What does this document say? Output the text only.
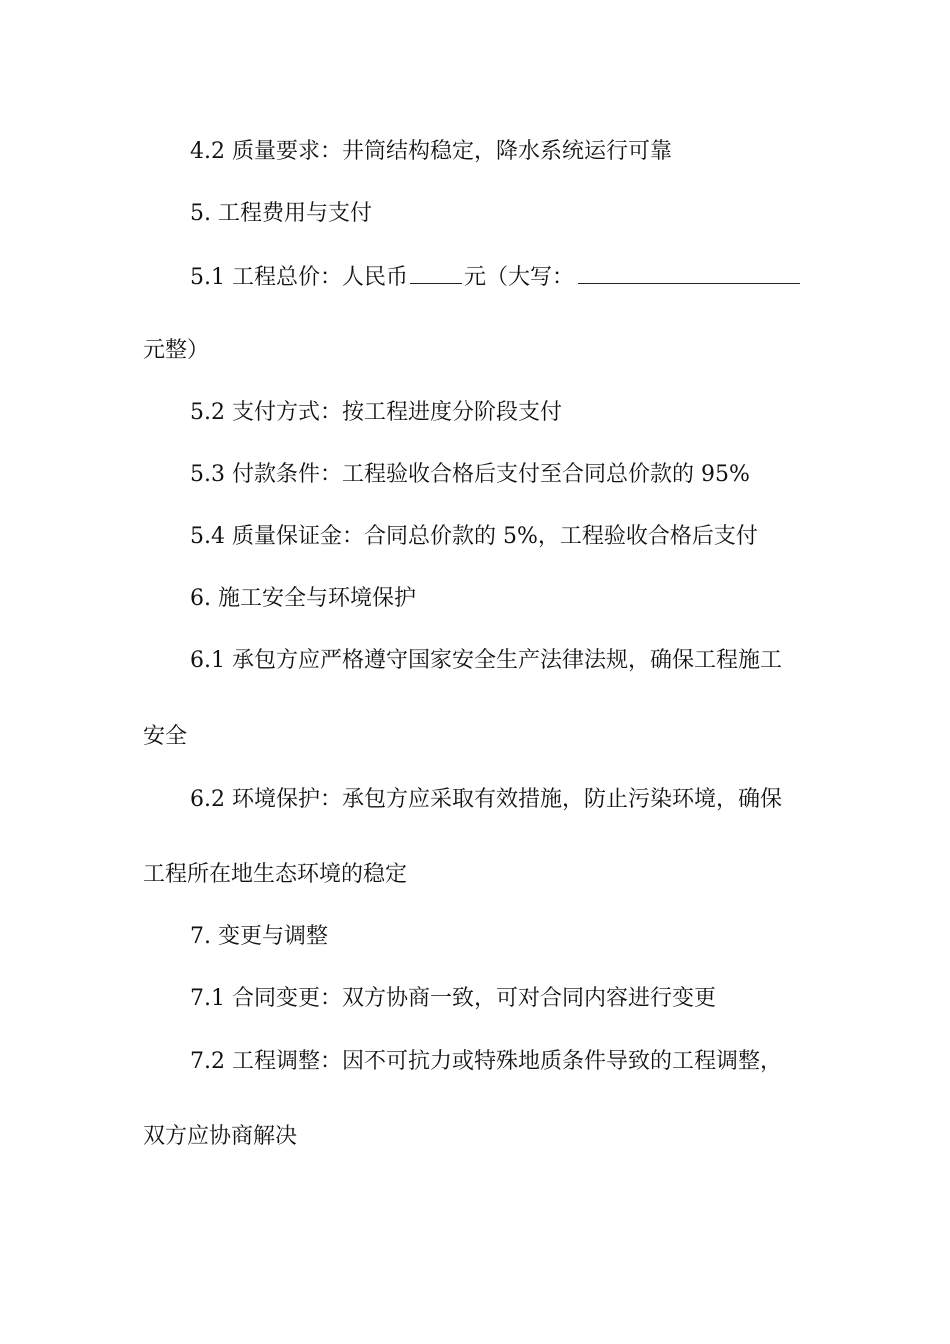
4.2 质量要求：井筒结构稳定，降水系统运行可靠
5. 工程费用与支付
5.1 工程总价：人民币	元（大写：
元整）
5.2 支付方式：按工程进度分阶段支付
5.3 付款条件：工程验收合格后支付至合同总价款的 95%
5.4 质量保证金：合同总价款的 5%，工程验收合格后支付
6. 施工安全与环境保护
6.1 承包方应严格遵守国家安全生产法律法规，确保工程施工
安全
6.2 环境保护：承包方应采取有效措施，防止污染环境，确保
工程所在地生态环境的稳定
7. 变更与调整
7.1 合同变更：双方协商一致，可对合同内容进行变更
7.2 工程调整：因不可抗力或特殊地质条件导致的工程调整，
双方应协商解决
